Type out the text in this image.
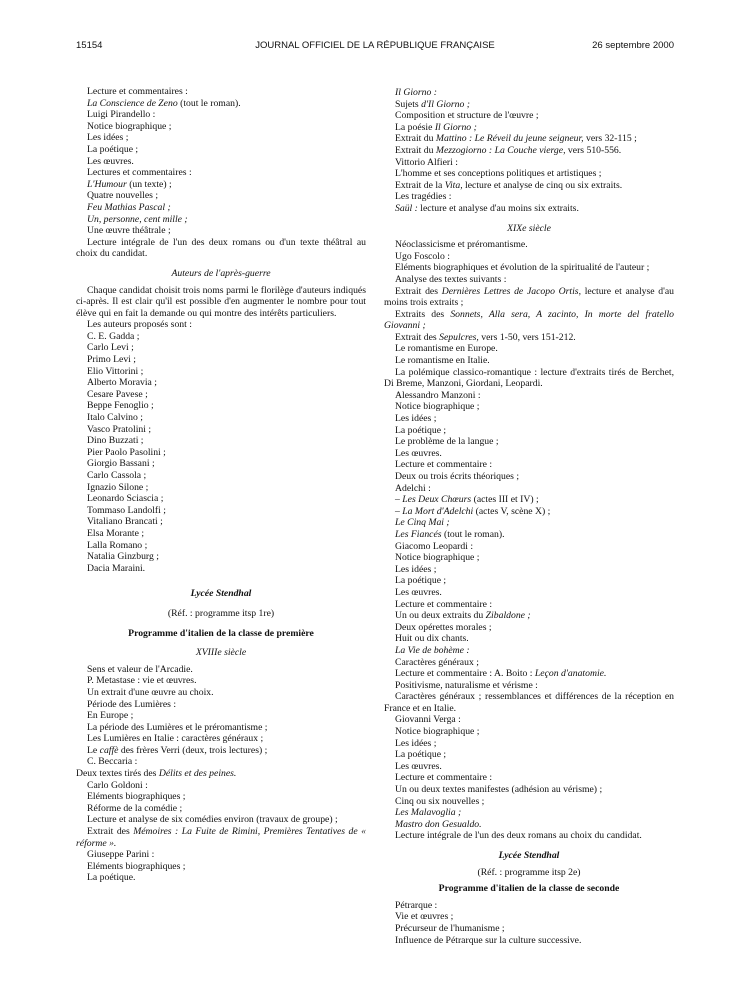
15154	JOURNAL OFFICIEL DE LA RÉPUBLIQUE FRANÇAISE	26 septembre 2000

Lecture et commentaires :

La Conscience de Zeno (tout le roman).

Luigi Pirandello :

Notice biographique ;

Les idées ;

La poétique ;

Les œuvres.

Lectures et commentaires :

L'Humour (un texte) ;

Quatre nouvelles ;

Feu Mathias Pascal ;

Un, personne, cent mille ;

Une œuvre théâtrale ;

Lecture intégrale de l'un des deux romans ou d'un texte théâtral au choix du candidat.

Auteurs de l'après-guerre

Chaque candidat choisit trois noms parmi le florilège d'auteurs indiqués ci-après. Il est clair qu'il est possible d'en augmenter le nombre pour tout élève qui en fait la demande ou qui montre des intérêts particuliers.

Les auteurs proposés sont :

C. E. Gadda ;

Carlo Levi ;

Primo Levi ;

Elio Vittorini ;

Alberto Moravia ;

Cesare Pavese ;

Beppe Fenoglio ;

Italo Calvino ;

Vasco Pratolini ;

Dino Buzzati ;

Pier Paolo Pasolini ;

Giorgio Bassani ;

Carlo Cassola ;

Ignazio Silone ;

Leonardo Sciascia ;

Tommaso Landolfi ;

Vitaliano Brancati ;

Elsa Morante ;

Lalla Romano ;

Natalia Ginzburg ;

Dacia Maraini.

Lycée Stendhal

(Réf. : programme itsp 1re)

Programme d'italien de la classe de première

XVIIIe siècle

Sens et valeur de l'Arcadie.

P. Metastase : vie et œuvres.

Un extrait d'une œuvre au choix.

Période des Lumières :

En Europe ;

La période des Lumières et le préromantisme ;

Les Lumières en Italie : caractères généraux ;

Le caffè des frères Verri (deux, trois lectures) ;

C. Beccaria :

Deux textes tirés des Délits et des peines.

Carlo Goldoni :

Eléments biographiques ;

Réforme de la comédie ;

Lecture et analyse de six comédies environ (travaux de groupe) ;

Extrait des Mémoires : La Fuite de Rimini, Premières Tentatives de « réforme ».

Giuseppe Parini :

Eléments biographiques ;

La poétique.

Il Giorno :

Sujets d'Il Giorno ;

Composition et structure de l'œuvre ;

La poésie Il Giorno ;

Extrait du Mattino : Le Réveil du jeune seigneur, vers 32-115 ;

Extrait du Mezzogiorno : La Couche vierge, vers 510-556.

Vittorio Alfieri :

L'homme et ses conceptions politiques et artistiques ;

Extrait de la Vita, lecture et analyse de cinq ou six extraits.

Les tragédies :

Saül : lecture et analyse d'au moins six extraits.

XIXe siècle

Néoclassicisme et préromantisme.

Ugo Foscolo :

Eléments biographiques et évolution de la spiritualité de l'auteur ;

Analyse des textes suivants :

Extrait des Dernières Lettres de Jacopo Ortis, lecture et analyse d'au moins trois extraits ;

Extraits des Sonnets, Alla sera, A zacinto, In morte del fratello Giovanni ;

Extrait des Sepulcres, vers 1-50, vers 151-212.

Le romantisme en Europe.

Le romantisme en Italie.

La polémique classico-romantique : lecture d'extraits tirés de Berchet, Di Breme, Manzoni, Giordani, Leopardi.

Alessandro Manzoni :

Notice biographique ;

Les idées ;

La poétique ;

Le problème de la langue ;

Les œuvres.

Lecture et commentaire :

Deux ou trois écrits théoriques ;

Adelchi :

– Les Deux Chœurs (actes III et IV) ;

– La Mort d'Adelchi (actes V, scène X) ;

Le Cinq Mai ;

Les Fiancés (tout le roman).

Giacomo Leopardi :

Notice biographique ;

Les idées ;

La poétique ;

Les œuvres.

Lecture et commentaire :

Un ou deux extraits du Zibaldone ;

Deux opérettes morales ;

Huit ou dix chants.

La Vie de bohème :

Caractères généraux ;

Lecture et commentaire : A. Boito : Leçon d'anatomie.

Positivisme, naturalisme et vérisme :

Caractères généraux ; ressemblances et différences de la réception en France et en Italie.

Giovanni Verga :

Notice biographique ;

Les idées ;

La poétique ;

Les œuvres.

Lecture et commentaire :

Un ou deux textes manifestes (adhésion au vérisme) ;

Cinq ou six nouvelles ;

Les Malavoglia ;

Mastro don Gesualdo.

Lecture intégrale de l'un des deux romans au choix du candidat.

Lycée Stendhal

(Réf. : programme itsp 2e)

Programme d'italien de la classe de seconde

Pétrarque :

Vie et œuvres ;

Précurseur de l'humanisme ;

Influence de Pétrarque sur la culture successive.
